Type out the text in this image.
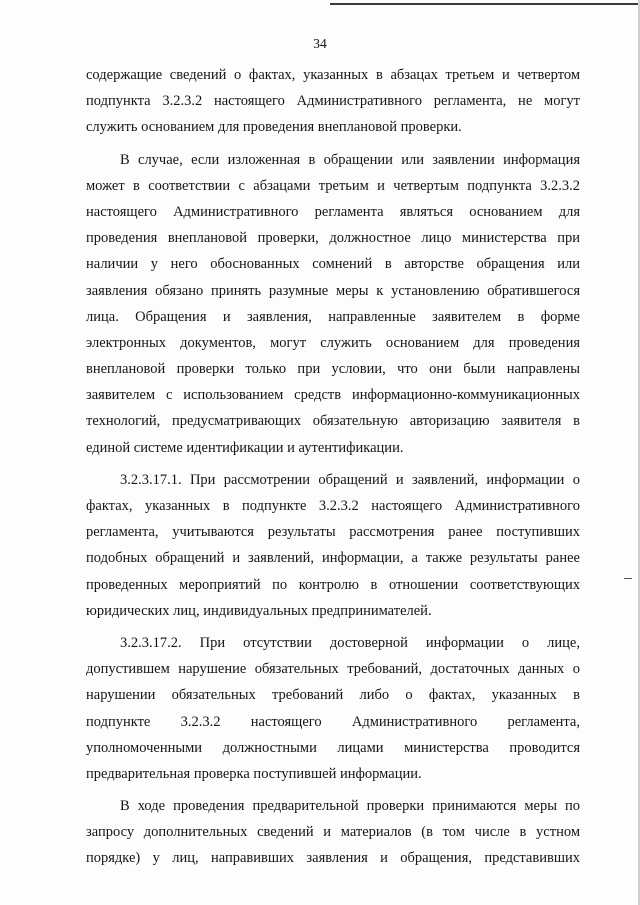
34

содержащие сведений о фактах, указанных в абзацах третьем и четвертом
подпункта 3.2.3.2 настоящего Административного регламента, не могут
служить основанием для проведения внеплановой проверки.

В случае, если изложенная в обращении или заявлении информация
может в соответствии с абзацами третьим и четвертым подпункта 3.2.3.2
настоящего Административного регламента являться основанием для
проведения внеплановой проверки, должностное лицо министерства при
наличии у него обоснованных сомнений в авторстве обращения или
заявления обязано принять разумные меры к установлению обратившегося
лица. Обращения и заявления, направленные заявителем в форме
электронных документов, могут служить основанием для проведения
внеплановой проверки только при условии, что они были направлены
заявителем с использованием средств информационно-коммуникационных
технологий, предусматривающих обязательную авторизацию заявителя в
единой системе идентификации и аутентификации.

3.2.3.17.1. При рассмотрении обращений и заявлений, информации о
фактах, указанных в подпункте 3.2.3.2 настоящего Административного
регламента, учитываются результаты рассмотрения ранее поступивших
подобных обращений и заявлений, информации, а также результаты ранее
проведенных мероприятий по контролю в отношении соответствующих
юридических лиц, индивидуальных предпринимателей.

3.2.3.17.2. При отсутствии достоверной информации о лице,
допустившем нарушение обязательных требований, достаточных данных о
нарушении обязательных требований либо о фактах, указанных в
подпункте 3.2.3.2 настоящего Административного регламента,
уполномоченными должностными лицами министерства проводится
предварительная проверка поступившей информации.

В ходе проведения предварительной проверки принимаются меры по
запросу дополнительных сведений и материалов (в том числе в устном
порядке) у лиц, направивших заявления и обращения, представивших
